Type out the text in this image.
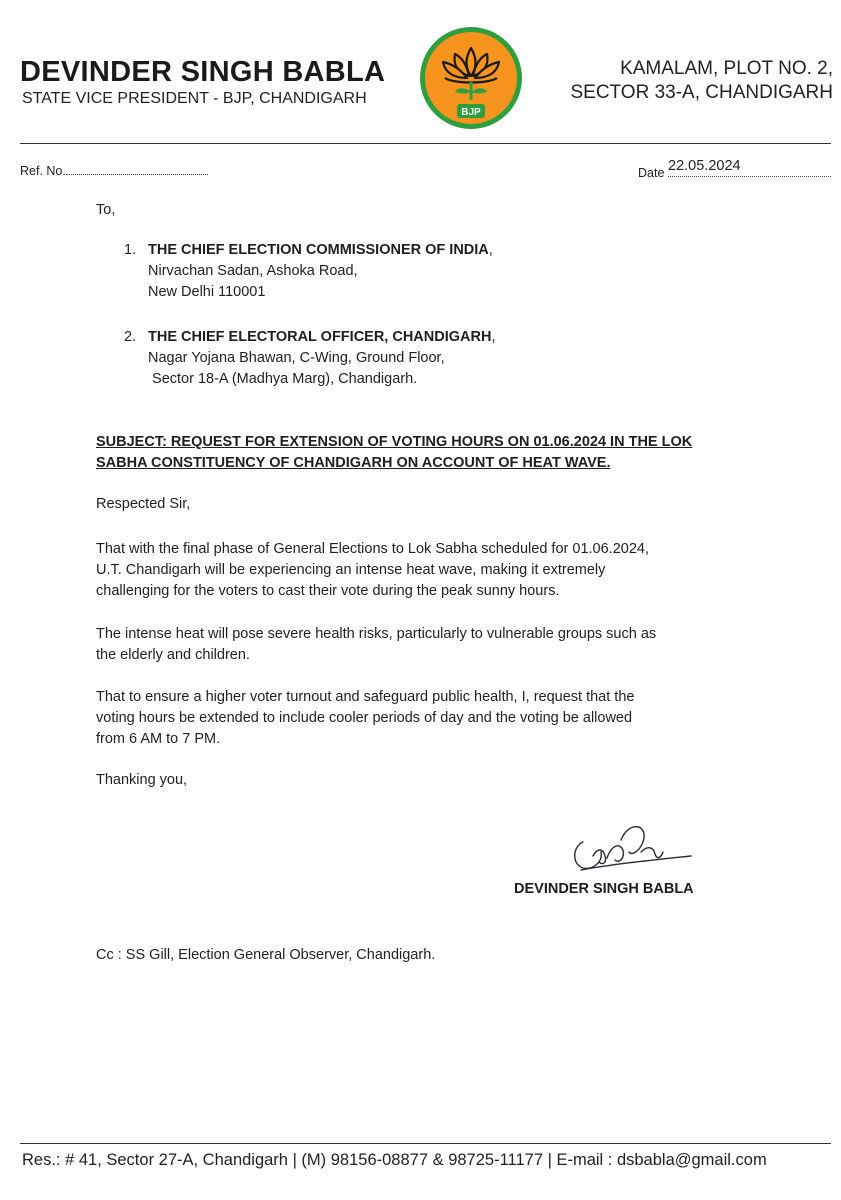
DEVINDER SINGH BABLA
STATE VICE PRESIDENT - BJP, CHANDIGARH
BJP
KAMALAM, PLOT NO. 2,
SECTOR 33-A, CHANDIGARH
Ref. No.	Date 22.05.2024
To,
1. THE CHIEF ELECTION COMMISSIONER OF INDIA,
Nirvachan Sadan, Ashoka Road,
New Delhi 110001
2. THE CHIEF ELECTORAL OFFICER, CHANDIGARH,
Nagar Yojana Bhawan, C-Wing, Ground Floor,
Sector 18-A (Madhya Marg), Chandigarh.
SUBJECT: REQUEST FOR EXTENSION OF VOTING HOURS ON 01.06.2024 IN THE LOK
SABHA CONSTITUENCY OF CHANDIGARH ON ACCOUNT OF HEAT WAVE.
Respected Sir,
That with the final phase of General Elections to Lok Sabha scheduled for 01.06.2024,
U.T. Chandigarh will be experiencing an intense heat wave, making it extremely
challenging for the voters to cast their vote during the peak sunny hours.
The intense heat will pose severe health risks, particularly to vulnerable groups such as
the elderly and children.
That to ensure a higher voter turnout and safeguard public health, I, request that the
voting hours be extended to include cooler periods of day and the voting be allowed
from 6 AM to 7 PM.
Thanking you,
DEVINDER SINGH BABLA
Cc : SS Gill, Election General Observer, Chandigarh.
Res.: # 41, Sector 27-A, Chandigarh | (M) 98156-08877 & 98725-11177 | E-mail : dsbabla@gmail.com
